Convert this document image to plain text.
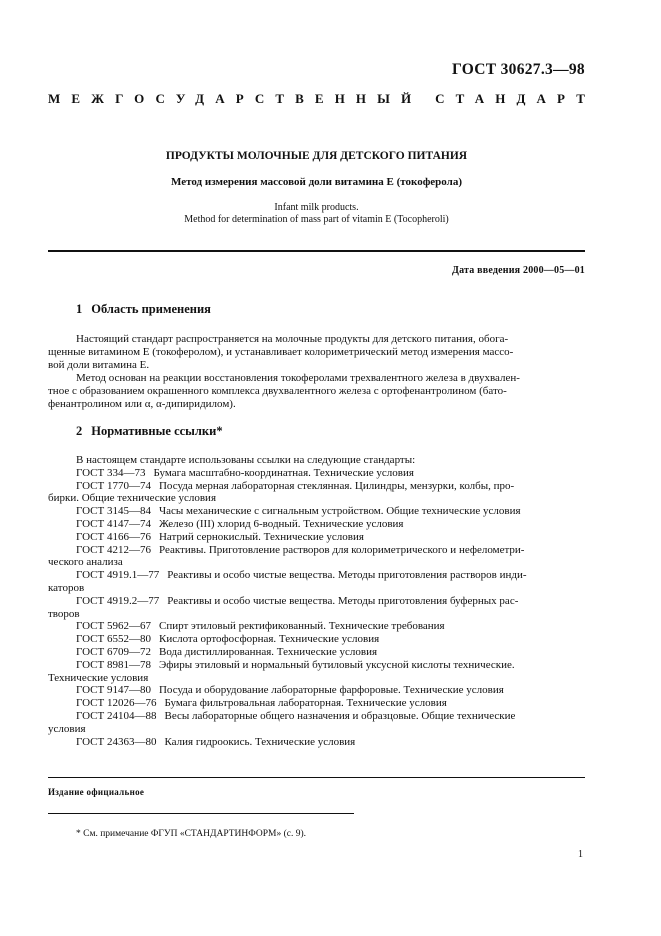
ГОСТ 30627.3—98
МЕЖГОСУДАРСТВЕННЫЙ СТАНДАРТ
ПРОДУКТЫ МОЛОЧНЫЕ ДЛЯ ДЕТСКОГО ПИТАНИЯ
Метод измерения массовой доли витамина Е (токоферола)
Infant milk products.
Method for determination of mass part of vitamin E (Tocopheroli)
Дата введения 2000—05—01
1 Область применения
Настоящий стандарт распространяется на молочные продукты для детского питания, обога-
щенные витамином Е (токоферолом), и устанавливает колориметрический метод измерения массо-
вой доли витамина Е.
Метод основан на реакции восстановления токоферолами трехвалентного железа в двухвален-
тное с образованием окрашенного комплекса двухвалентного железа с ортофенантролином (бато-
фенантролином или α, α-дипиридилом).
2 Нормативные ссылки*
В настоящем стандарте использованы ссылки на следующие стандарты:
ГОСТ 334—73 Бумага масштабно-координатная. Технические условия
ГОСТ 1770—74 Посуда мерная лабораторная стеклянная. Цилиндры, мензурки, колбы, про-
бирки. Общие технические условия
ГОСТ 3145—84 Часы механические с сигнальным устройством. Общие технические условия
ГОСТ 4147—74 Железо (III) хлорид 6-водный. Технические условия
ГОСТ 4166—76 Натрий сернокислый. Технические условия
ГОСТ 4212—76 Реактивы. Приготовление растворов для колориметрического и нефелометри-
ческого анализа
ГОСТ 4919.1—77 Реактивы и особо чистые вещества. Методы приготовления растворов инди-
каторов
ГОСТ 4919.2—77 Реактивы и особо чистые вещества. Методы приготовления буферных рас-
творов
ГОСТ 5962—67 Спирт этиловый ректификованный. Технические требования
ГОСТ 6552—80 Кислота ортофосфорная. Технические условия
ГОСТ 6709—72 Вода дистиллированная. Технические условия
ГОСТ 8981—78 Эфиры этиловый и нормальный бутиловый уксусной кислоты технические.
Технические условия
ГОСТ 9147—80 Посуда и оборудование лабораторные фарфоровые. Технические условия
ГОСТ 12026—76 Бумага фильтровальная лабораторная. Технические условия
ГОСТ 24104—88 Весы лабораторные общего назначения и образцовые. Общие технические
условия
ГОСТ 24363—80 Калия гидроокись. Технические условия
Издание официальное
* См. примечание ФГУП «СТАНДАРТИНФОРМ» (с. 9).
1
